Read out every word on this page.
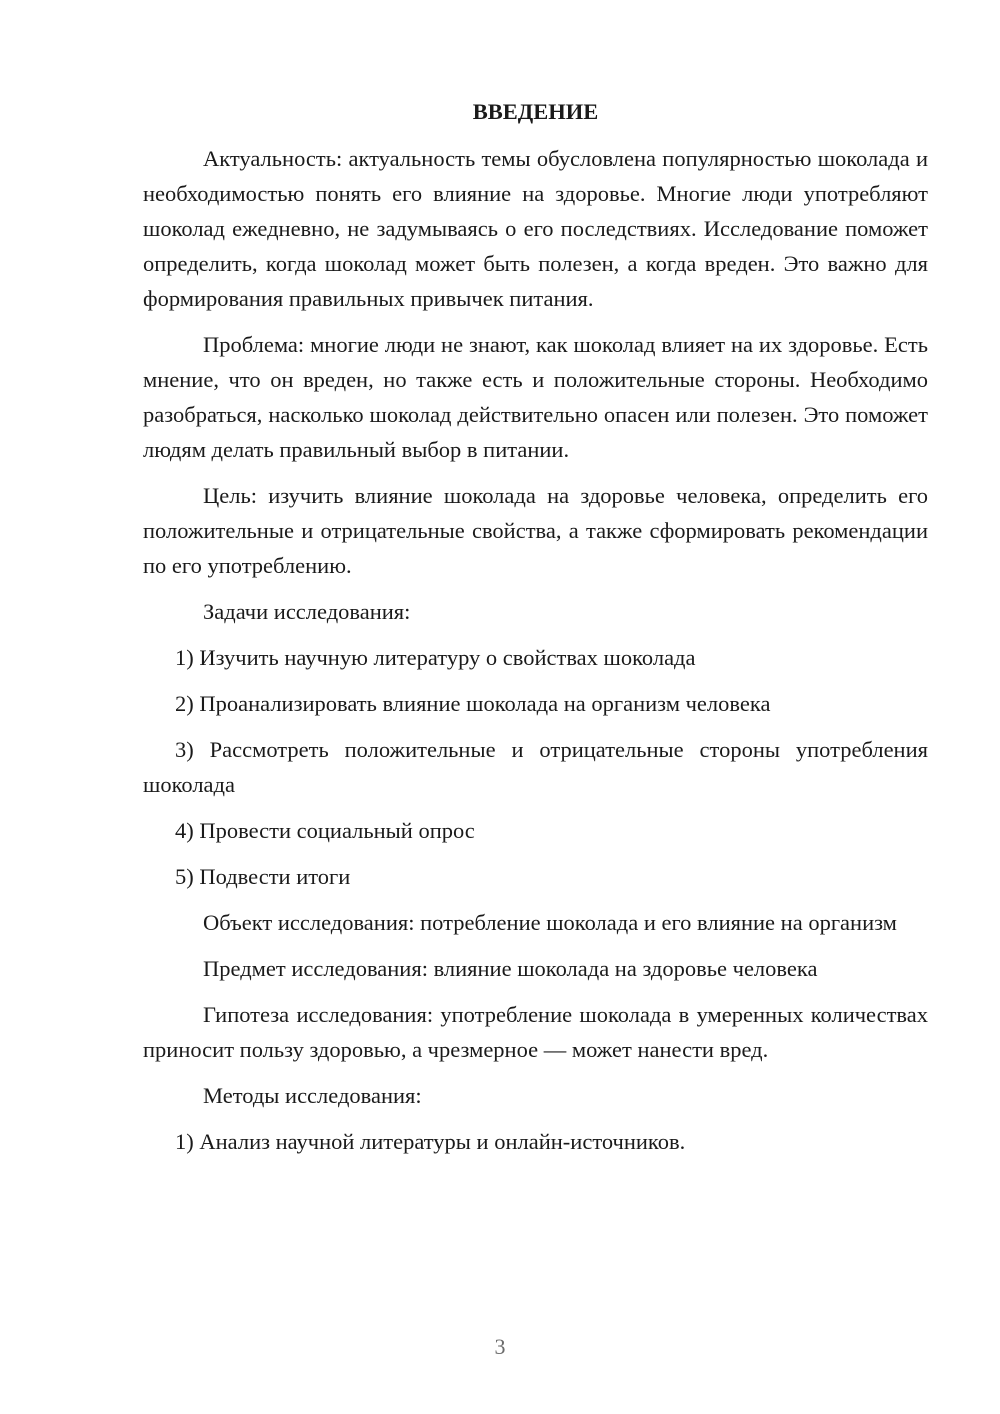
ВВЕДЕНИЕ

Актуальность: актуальность темы обусловлена популярностью шоколада и необходимостью понять его влияние на здоровье. Многие люди употребляют шоколад ежедневно, не задумываясь о его последствиях. Исследование поможет определить, когда шоколад может быть полезен, а когда вреден. Это важно для формирования правильных привычек питания.

Проблема: многие люди не знают, как шоколад влияет на их здоровье. Есть мнение, что он вреден, но также есть и положительные стороны. Необходимо разобраться, насколько шоколад действительно опасен или полезен. Это поможет людям делать правильный выбор в питании.

Цель: изучить влияние шоколада на здоровье человека, определить его положительные и отрицательные свойства, а также сформировать рекомендации по его употреблению.

Задачи исследования:

1) Изучить научную литературу о свойствах шоколада

2) Проанализировать влияние шоколада на организм человека

3) Рассмотреть положительные и отрицательные стороны употребления шоколада

4) Провести социальный опрос

5) Подвести итоги

Объект исследования: потребление шоколада и его влияние на организм

Предмет исследования: влияние шоколада на здоровье человека

Гипотеза исследования: употребление шоколада в умеренных количествах приносит пользу здоровью, а чрезмерное — может нанести вред.

Методы исследования:

1) Анализ научной литературы и онлайн-источников.

3
